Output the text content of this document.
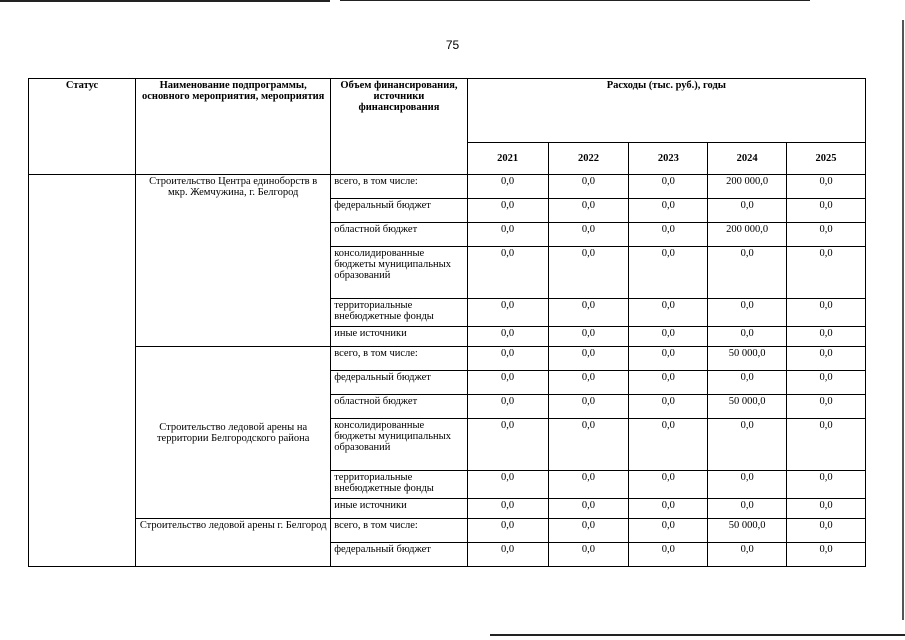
75
Статус	Наименование подпрограммы, основного мероприятия, мероприятия	Объем финансирования, источники финансирования	Расходы (тыс. руб.), годы				
			2021	2022	2023	2024	2025
	Строительство Центра единоборств в мкр. Жемчужина, г. Белгород	всего, в том числе:	0,0	0,0	0,0	200 000,0	0,0
		федеральный бюджет	0,0	0,0	0,0	0,0	0,0
		областной бюджет	0,0	0,0	0,0	200 000,0	0,0
		консолидированные бюджеты муниципальных образований	0,0	0,0	0,0	0,0	0,0
		территориальные внебюджетные фонды	0,0	0,0	0,0	0,0	0,0
		иные источники	0,0	0,0	0,0	0,0	0,0
	Строительство ледовой арены на территории Белгородского района	всего, в том числе:	0,0	0,0	0,0	50 000,0	0,0
		федеральный бюджет	0,0	0,0	0,0	0,0	0,0
		областной бюджет	0,0	0,0	0,0	50 000,0	0,0
		консолидированные бюджеты муниципальных образований	0,0	0,0	0,0	0,0	0,0
		территориальные внебюджетные фонды	0,0	0,0	0,0	0,0	0,0
		иные источники	0,0	0,0	0,0	0,0	0,0
	Строительство ледовой арены г. Белгород	всего, в том числе:	0,0	0,0	0,0	50 000,0	0,0
		федеральный бюджет	0,0	0,0	0,0	0,0	0,0
